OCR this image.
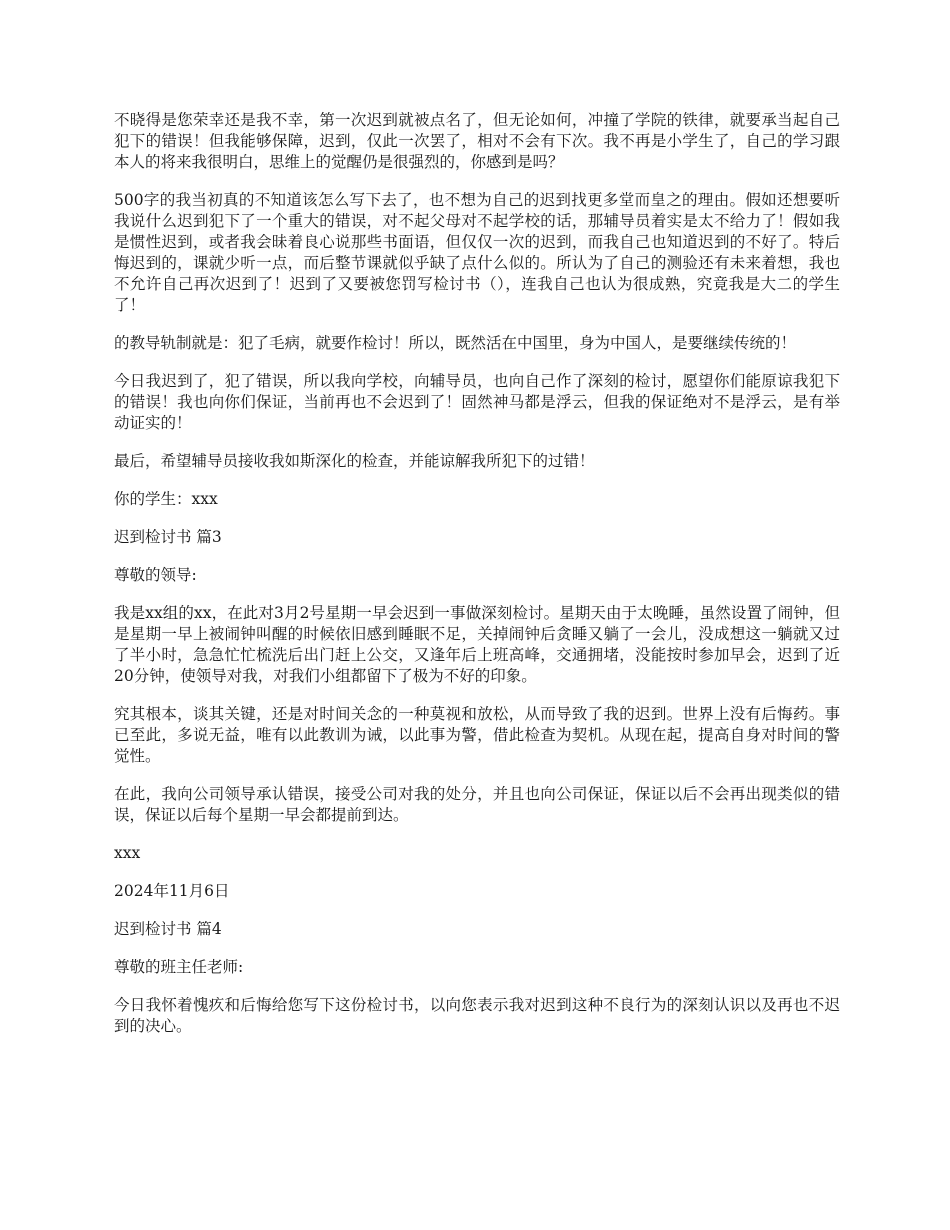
不晓得是您荣幸还是我不幸，第一次迟到就被点名了，但无论如何，冲撞了学院的铁律，就要承当起自己犯下的错误！但我能够保障，迟到，仅此一次罢了，相对不会有下次。我不再是小学生了，自己的学习跟本人的将来我很明白，思维上的觉醒仍是很强烈的，你感到是吗？

500字的我当初真的不知道该怎么写下去了，也不想为自己的迟到找更多堂而皇之的理由。假如还想要听我说什么迟到犯下了一个重大的错误，对不起父母对不起学校的话，那辅导员着实是太不给力了！假如我是惯性迟到，或者我会昧着良心说那些书面语，但仅仅一次的迟到，而我自己也知道迟到的不好了。特后悔迟到的，课就少听一点，而后整节课就似乎缺了点什么似的。所认为了自己的测验还有未来着想，我也不允许自己再次迟到了！迟到了又要被您罚写检讨书（），连我自己也认为很成熟，究竟我是大二的学生了！

的教导轨制就是：犯了毛病，就要作检讨！所以，既然活在中国里，身为中国人，是要继续传统的！

今日我迟到了，犯了错误，所以我向学校，向辅导员，也向自己作了深刻的检讨，愿望你们能原谅我犯下的错误！我也向你们保证，当前再也不会迟到了！固然神马都是浮云，但我的保证绝对不是浮云，是有举动证实的！

最后，希望辅导员接收我如斯深化的检查，并能谅解我所犯下的过错！

你的学生：xxx

迟到检讨书 篇3

尊敬的领导:

我是xx组的xx，在此对3月2号星期一早会迟到一事做深刻检讨。星期天由于太晚睡，虽然设置了闹钟，但是星期一早上被闹钟叫醒的时候依旧感到睡眠不足，关掉闹钟后贪睡又躺了一会儿，没成想这一躺就又过了半小时，急急忙忙梳洗后出门赶上公交，又逢年后上班高峰，交通拥堵，没能按时参加早会，迟到了近20分钟，使领导对我，对我们小组都留下了极为不好的印象。

究其根本，谈其关键，还是对时间关念的一种莫视和放松，从而导致了我的迟到。世界上没有后悔药。事已至此，多说无益，唯有以此教训为诫，以此事为警，借此检查为契机。从现在起，提高自身对时间的警觉性。

在此，我向公司领导承认错误，接受公司对我的处分，并且也向公司保证，保证以后不会再出现类似的错误，保证以后每个星期一早会都提前到达。

xxx

2024年11月6日

迟到检讨书 篇4

尊敬的班主任老师:

今日我怀着愧疚和后悔给您写下这份检讨书，以向您表示我对迟到这种不良行为的深刻认识以及再也不迟到的决心。
